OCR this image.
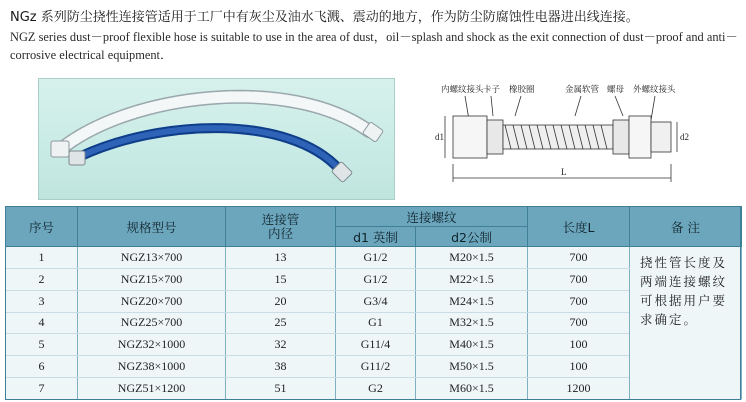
NGz 系列防尘挠性连接管适用于工厂中有灰尘及油水飞溅、震动的地方，作为防尘防腐蚀性电器进出线连接。
NGZ series dust－proof flexible hose is suitable to use in the area of dust，oil－splash and shock as the exit connection of dust－proof and anti－corrosive electrical equipment．
内螺纹接头 卡子 橡胶圈	金属软管 螺母 外螺纹接头
d1	d2
L
序号	规格型号	连接管
内径	连接螺纹		长度L	备 注
			d1 英制	d2公制		
1	NGZ13×700	13	G1/2	M20×1.5	700	挠性管长度及两端连接螺纹可根据用户要求确定。
2	NGZ15×700	15	G1/2	M22×1.5	700	
3	NGZ20×700	20	G3/4	M24×1.5	700	
4	NGZ25×700	25	G1	M32×1.5	700	
5	NGZ32×1000	32	G11/4	M40×1.5	100	
6	NGZ38×1000	38	G11/2	M50×1.5	100	
7	NGZ51×1200	51	G2	M60×1.5	1200	
